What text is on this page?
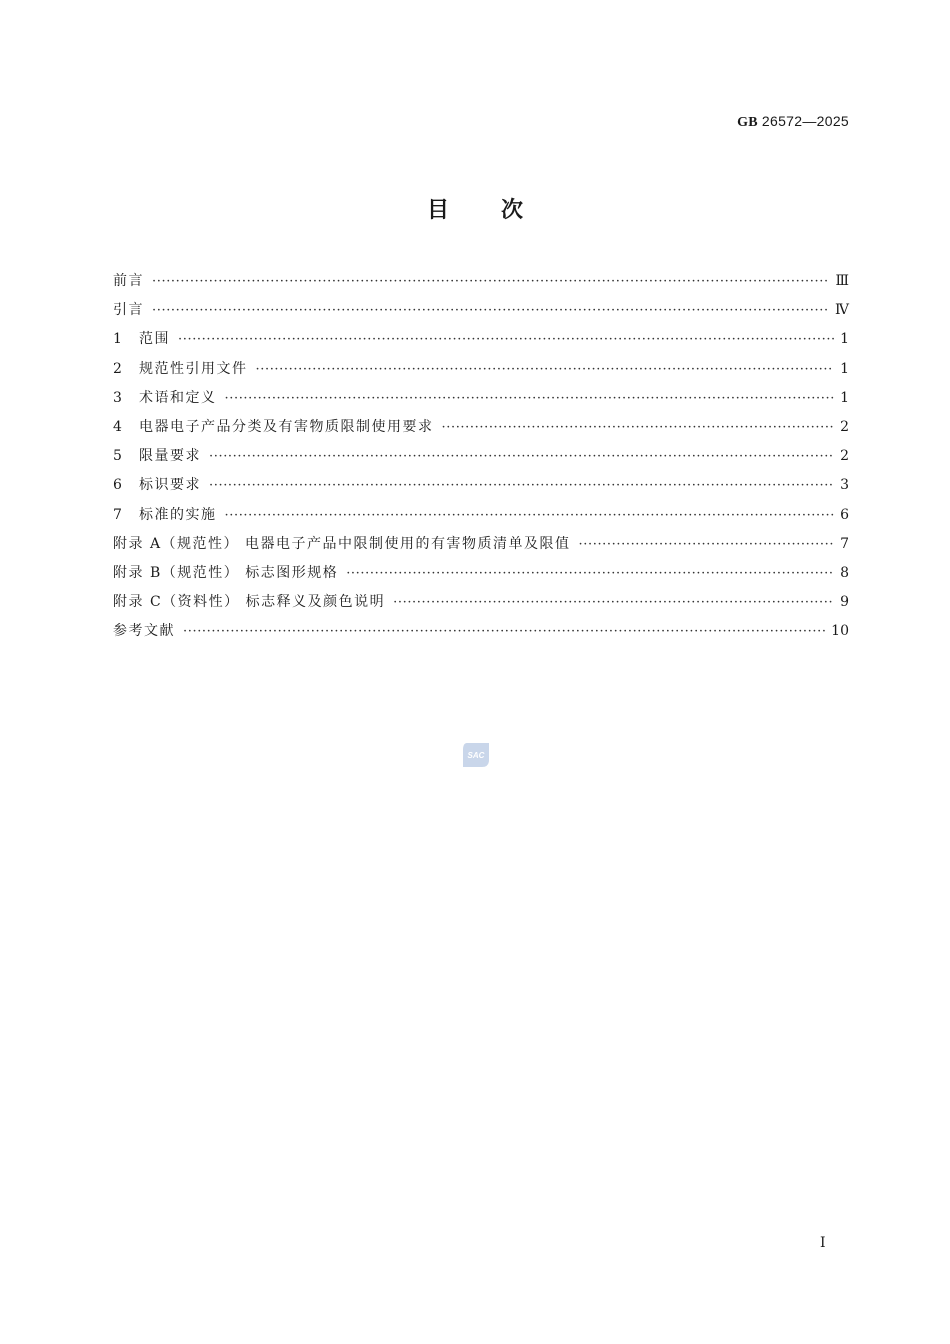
GB 26572—2025
目 次
前言 ·····	Ⅲ
引言 ·····	Ⅳ
1	范围 ·····	1
2	规范性引用文件 ·····	1
3	术语和定义 ·····	1
4	电器电子产品分类及有害物质限制使用要求 ·····	2
5	限量要求 ·····	2
6	标识要求 ·····	3
7	标准的实施 ·····	6
附录 A（规范性） 电器电子产品中限制使用的有害物质清单及限值 ·····	7
附录 B（规范性） 标志图形规格 ·····	8
附录 C（资料性） 标志释义及颜色说明 ·····	9
参考文献 ·····	10
SAC
Ⅰ
